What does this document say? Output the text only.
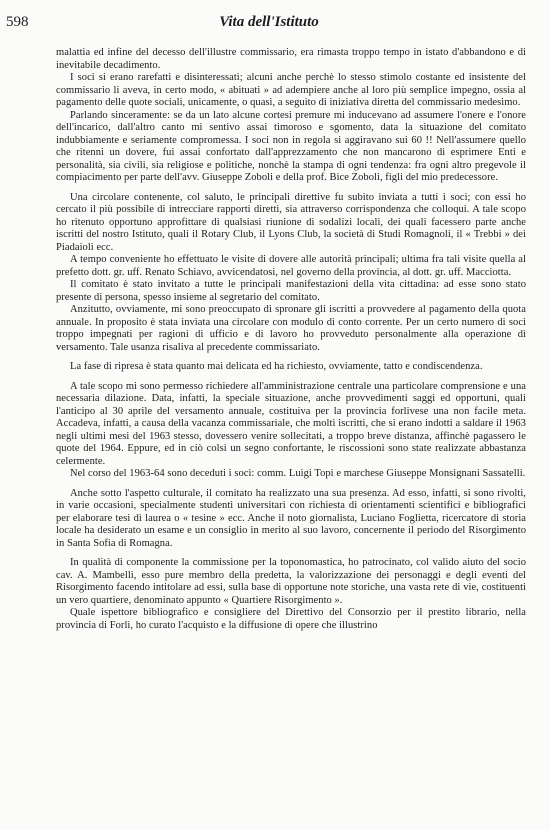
598	Vita dell'Istituto

malattia ed infine del decesso dell'illustre commissario, era rimasta troppo tempo in istato d'abbandono e di inevitabile decadimento.

I soci si erano rarefatti e disinteressati; alcuni anche perchè lo stesso stimolo costante ed insistente del commissario li aveva, in certo modo, « abituati » ad adempiere anche al loro più semplice impegno, ossia al pagamento delle quote sociali, unicamente, o quasi, a seguito di iniziativa diretta del commissario medesimo.

Parlando sinceramente: se da un lato alcune cortesi premure mi inducevano ad assumere l'onere e l'onore dell'incarico, dall'altro canto mi sentivo assai timoroso e sgomento, data la situazione del comitato indubbiamente e seriamente compromessa. I soci non in regola si aggiravano sui 60 !! Nell'assumere quello che ritenni un dovere, fui assai confortato dall'apprezzamento che non mancarono di esprimere Enti e personalità, sia civili, sia religiose e politiche, nonchè la stampa di ogni tendenza: fra ogni altro pregevole il compiacimento per parte dell'avv. Giuseppe Zoboli e della prof. Bice Zoboli, figli del mio predecessore.

Una circolare contenente, col saluto, le principali direttive fu subito inviata a tutti i soci; con essi ho cercato il più possibile di intrecciare rapporti diretti, sia attraverso corrispondenza che colloqui. A tale scopo ho ritenuto opportuno approfittare di qualsiasi riunione di sodalizi locali, dei quali facessero parte anche iscritti del nostro Istituto, quali il Rotary Club, il Lyons Club, la società di Studi Romagnoli, il « Trebbi » dei Piadaioli ecc.

A tempo conveniente ho effettuato le visite di dovere alle autorità principali; ultima fra tali visite quella al prefetto dott. gr. uff. Renato Schiavo, avvicendatosi, nel governo della provincia, al dott. gr. uff. Macciotta.

Il comitato è stato invitato a tutte le principali manifestazioni della vita cittadina: ad esse sono stato presente di persona, spesso insieme al segretario del comitato.

Anzitutto, ovviamente, mi sono preoccupato di spronare gli iscritti a provvedere al pagamento della quota annuale. In proposito è stata inviata una circolare con modulo di conto corrente. Per un certo numero di soci troppo impegnati per ragioni di ufficio e di lavoro ho provveduto personalmente alla operazione di versamento. Tale usanza risaliva al precedente commissariato.

La fase di ripresa è stata quanto mai delicata ed ha richiesto, ovviamente, tatto e condiscendenza.

A tale scopo mi sono permesso richiedere all'amministrazione centrale una particolare comprensione e una necessaria dilazione. Data, infatti, la speciale situazione, anche provvedimenti saggi ed opportuni, quali l'anticipo al 30 aprile del versamento annuale, costituiva per la provincia forlivese una non facile meta. Accadeva, infatti, a causa della vacanza commissariale, che molti iscritti, che si erano indotti a saldare il 1963 negli ultimi mesi del 1963 stesso, dovessero venire sollecitati, a troppo breve distanza, affinchè pagassero le quote del 1964. Eppure, ed in ciò colsi un segno confortante, le riscossioni sono state realizzate abbastanza celermente.

Nel corso del 1963-64 sono deceduti i soci: comm. Luigi Topi e marchese Giuseppe Monsignani Sassatelli.

Anche sotto l'aspetto culturale, il comitato ha realizzato una sua presenza. Ad esso, infatti, si sono rivolti, in varie occasioni, specialmente studenti universitari con richiesta di orientamenti scientifici e bibliografici per elaborare tesi di laurea o « tesine » ecc. Anche il noto giornalista, Luciano Foglietta, ricercatore di storia locale ha desiderato un esame e un consiglio in merito al suo lavoro, concernente il periodo del Risorgimento in Santa Sofia di Romagna.

In qualità di componente la commissione per la toponomastica, ho patrocinato, col valido aiuto del socio cav. A. Mambelli, esso pure membro della predetta, la valorizzazione dei personaggi e degli eventi del Risorgimento facendo intitolare ad essi, sulla base di opportune note storiche, una vasta rete di vie, costituenti un vero quartiere, denominato appunto « Quartiere Risorgimento ».

Quale ispettore bibliografico e consigliere del Direttivo del Consorzio per il prestito librario, nella provincia di Forlì, ho curato l'acquisto e la diffusione di opere che illustrino
